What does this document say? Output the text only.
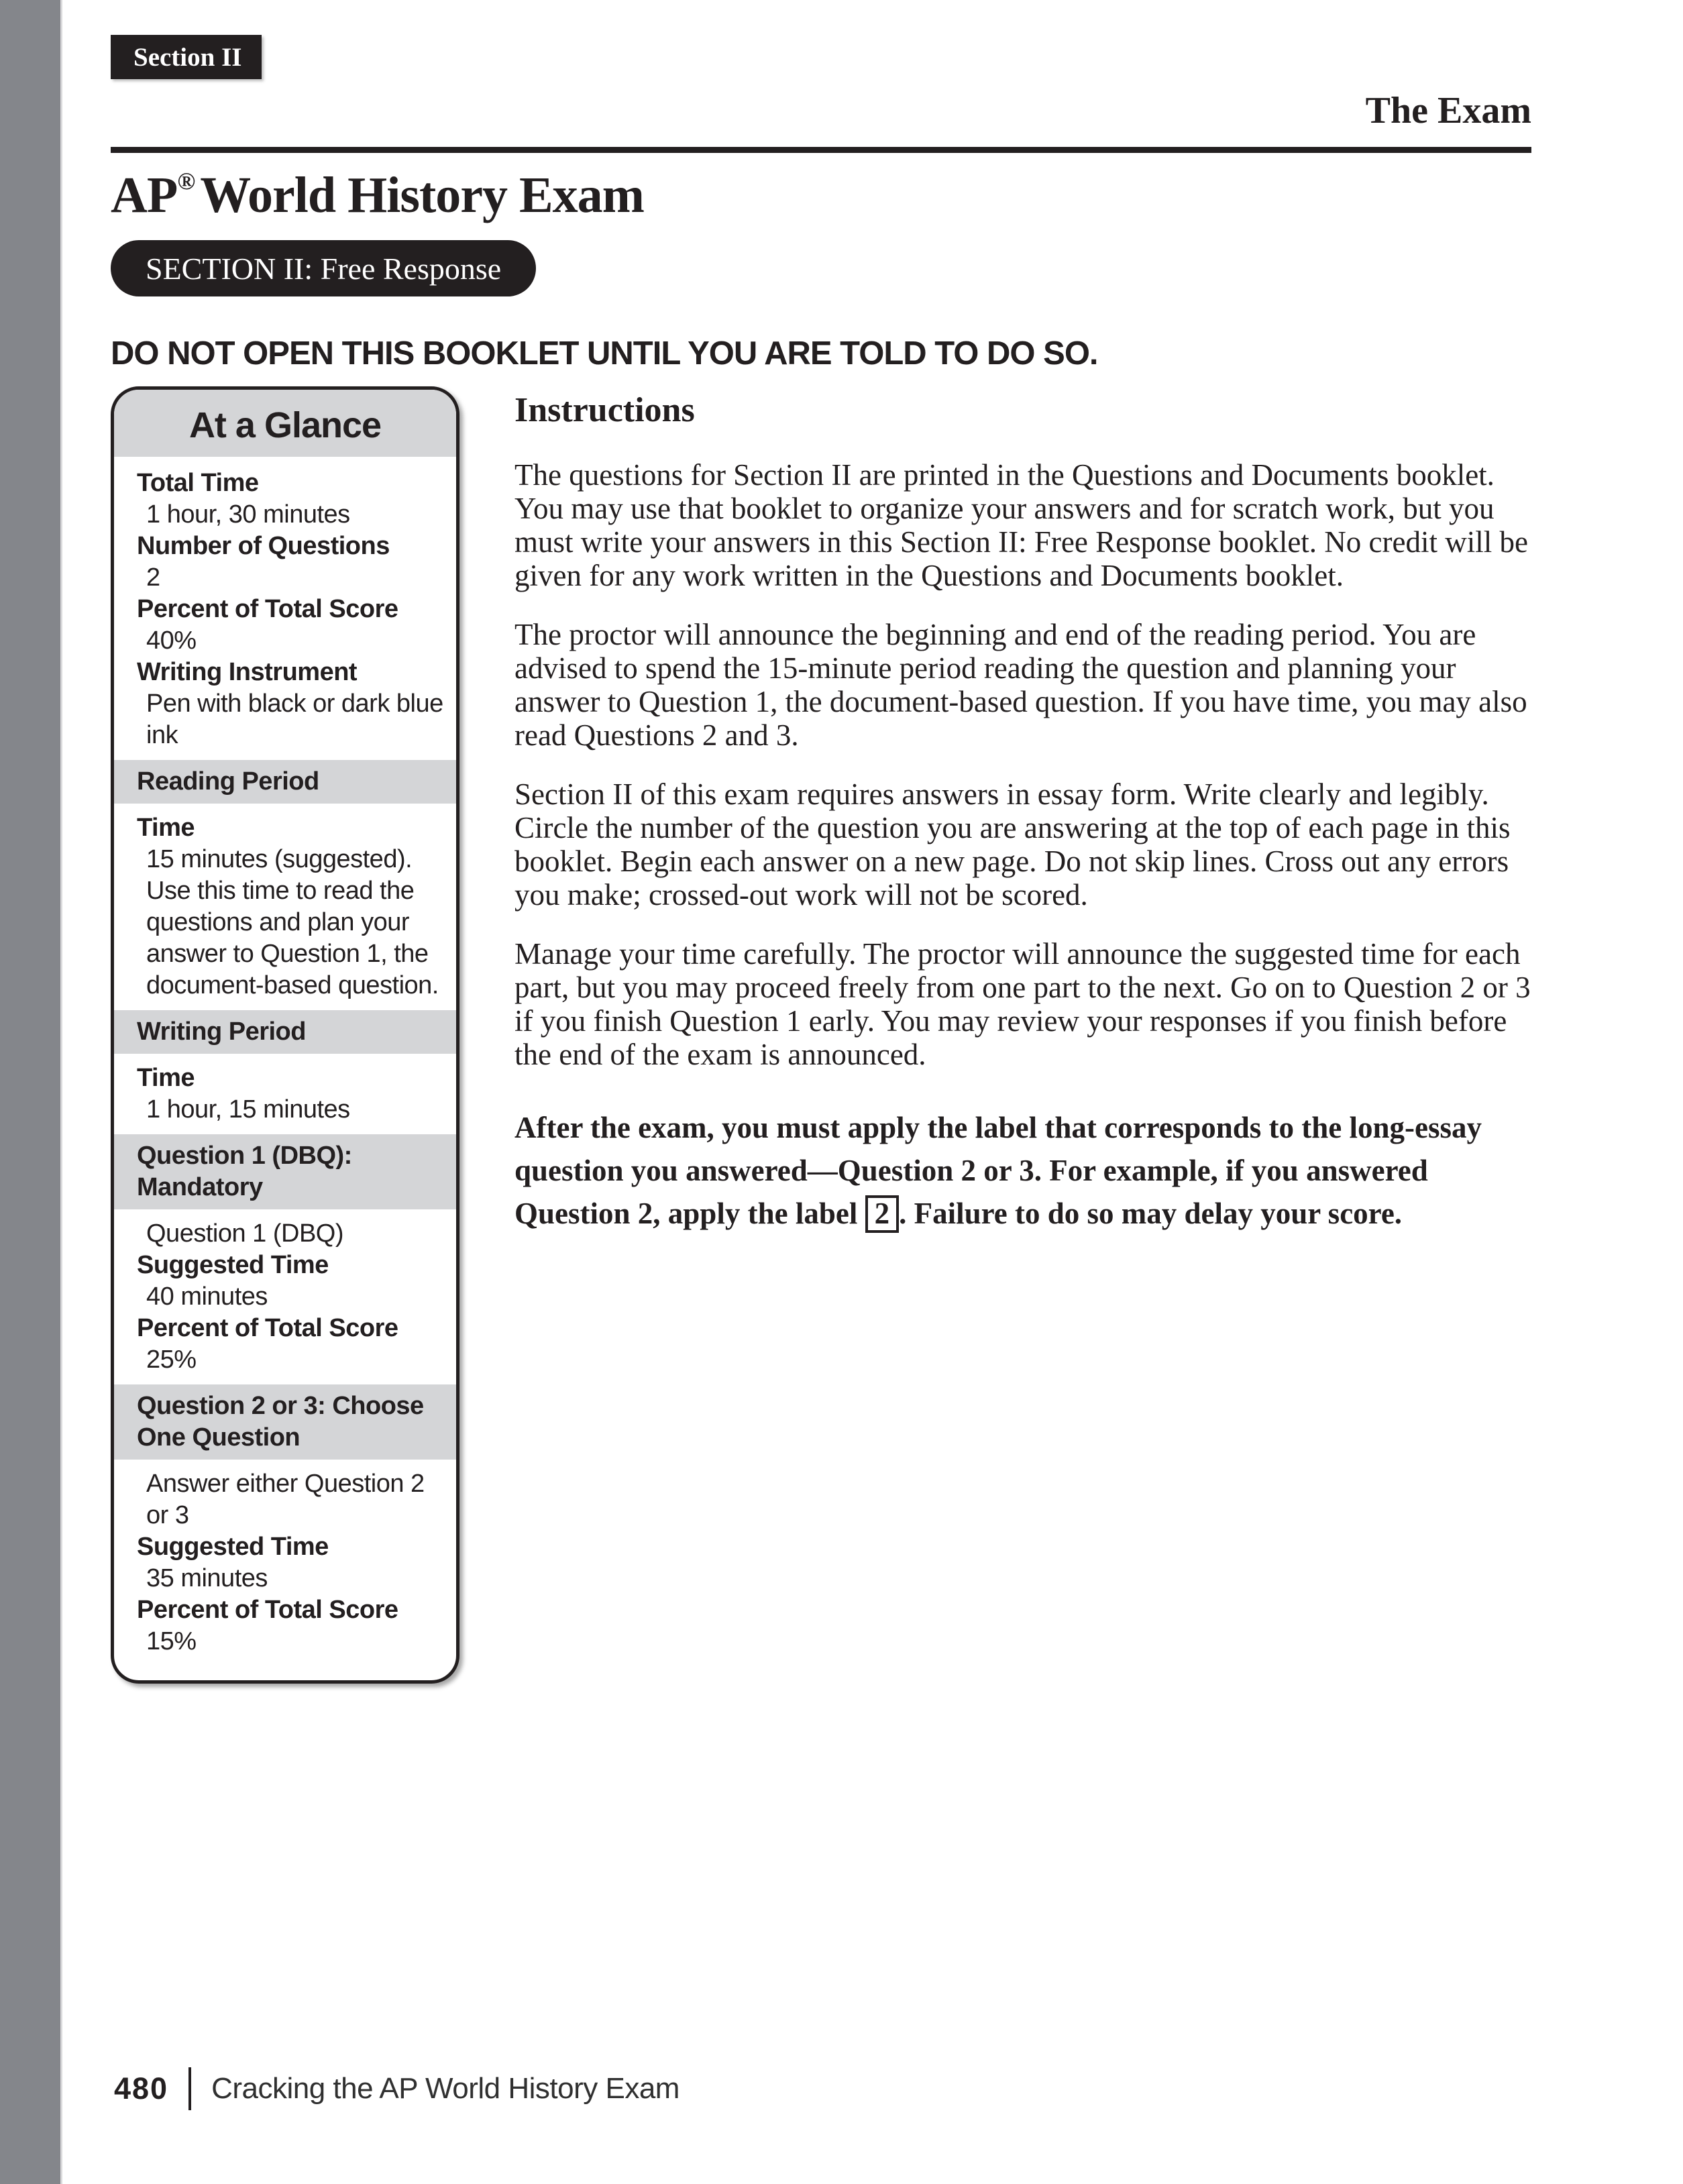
Section II
The Exam
AP® World History Exam
SECTION II: Free Response
DO NOT OPEN THIS BOOKLET UNTIL YOU ARE TOLD TO DO SO.
At a Glance
Total Time
1 hour, 30 minutes
Number of Questions
2
Percent of Total Score
40%
Writing Instrument
Pen with black or dark blue ink
Reading Period
Time
15 minutes (suggested). Use this time to read the questions and plan your answer to Question 1, the document-based question.
Writing Period
Time
1 hour, 15 minutes
Question 1 (DBQ): Mandatory
Question 1 (DBQ)
Suggested Time
40 minutes
Percent of Total Score
25%
Question 2 or 3: Choose One Question
Answer either Question 2 or 3
Suggested Time
35 minutes
Percent of Total Score
15%
Instructions

The questions for Section II are printed in the Questions and Documents booklet. You may use that booklet to organize your answers and for scratch work, but you must write your answers in this Section II: Free Response booklet. No credit will be given for any work written in the Questions and Documents booklet.

The proctor will announce the beginning and end of the reading period. You are advised to spend the 15-minute period reading the question and planning your answer to Question 1, the document-based question. If you have time, you may also read Questions 2 and 3.

Section II of this exam requires answers in essay form. Write clearly and legibly. Circle the number of the question you are answering at the top of each page in this booklet. Begin each answer on a new page. Do not skip lines. Cross out any errors you make; crossed-out work will not be scored.

Manage your time carefully. The proctor will announce the suggested time for each part, but you may proceed freely from one part to the next. Go on to Question 2 or 3 if you finish Question 1 early. You may review your responses if you finish before the end of the exam is announced.

After the exam, you must apply the label that corresponds to the long-essay question you answered—Question 2 or 3. For example, if you answered Question 2, apply the label 2 . Failure to do so may delay your score.

480 Cracking the AP World History Exam
